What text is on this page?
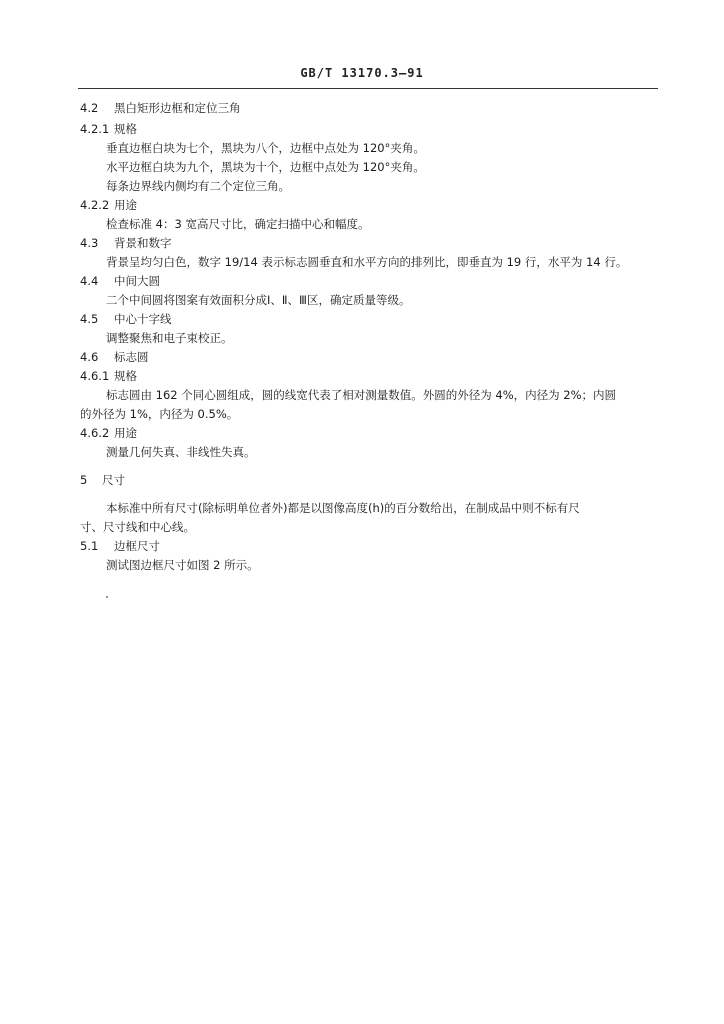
GB/T 13170.3—91
4.2 黑白矩形边框和定位三角
4.2.1 规格
垂直边框白块为七个，黑块为八个，边框中点处为 120°夹角。
水平边框白块为九个，黑块为十个，边框中点处为 120°夹角。
每条边界线内侧均有二个定位三角。
4.2.2 用途
检查标准 4：3 宽高尺寸比，确定扫描中心和幅度。
4.3 背景和数字
背景呈均匀白色，数字 19/14 表示标志圆垂直和水平方向的排列比，即垂直为 19 行，水平为 14 行。
4.4 中间大圆
二个中间圆将图案有效面积分成Ⅰ、Ⅱ、Ⅲ区，确定质量等级。
4.5 中心十字线
调整聚焦和电子束校正。
4.6 标志圆
4.6.1 规格
标志圆由 162 个同心圆组成，圆的线宽代表了相对测量数值。外圆的外径为 4%，内径为 2%；内圆
的外径为 1%，内径为 0.5%。
4.6.2 用途
测量几何失真、非线性失真。
5 尺寸
本标准中所有尺寸(除标明单位者外)都是以图像高度(h)的百分数给出，在制成品中则不标有尺
寸、尺寸线和中心线。
5.1 边框尺寸
测试图边框尺寸如图 2 所示。
